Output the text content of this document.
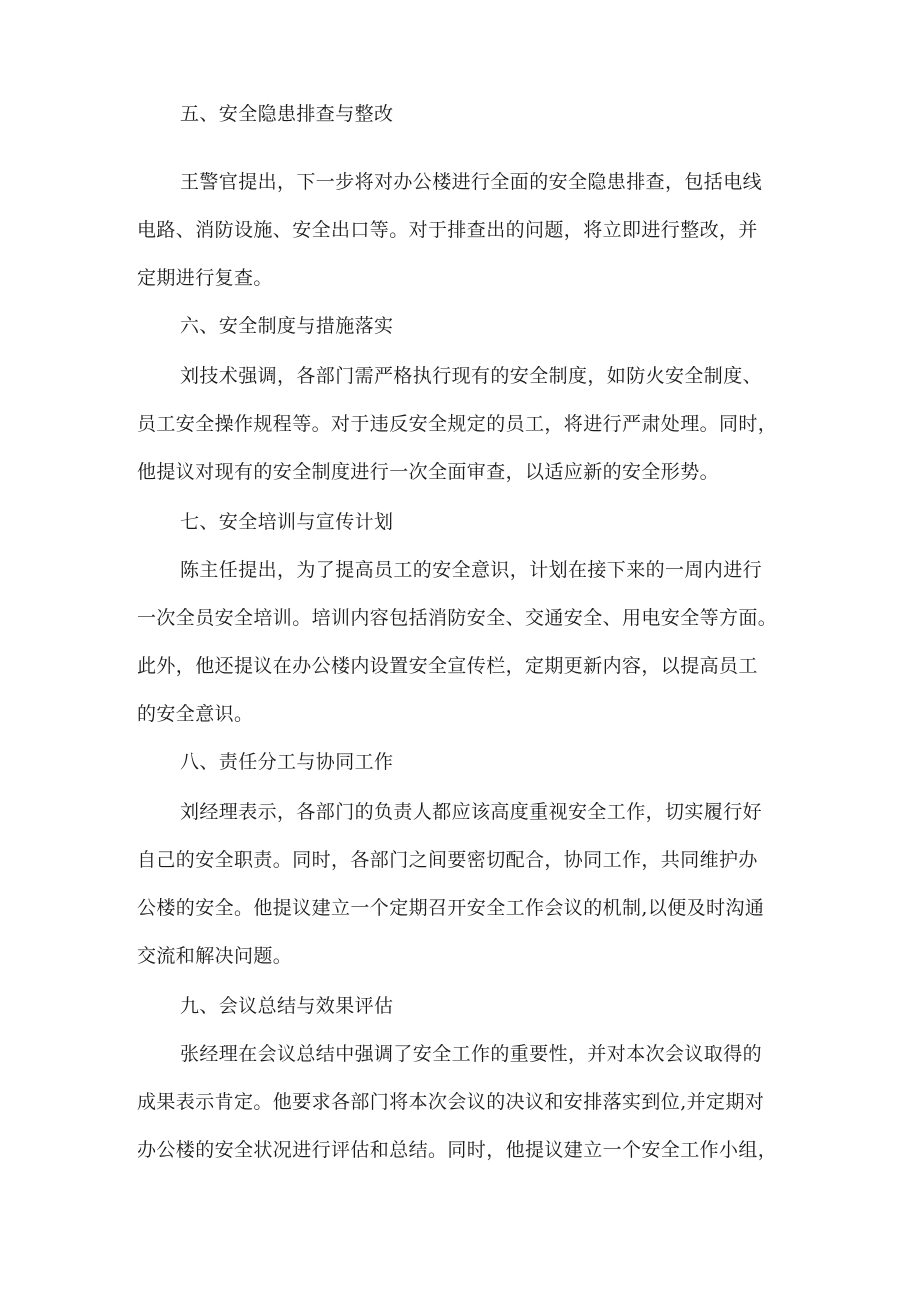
五、安全隐患排查与整改

王警官提出，下一步将对办公楼进行全面的安全隐患排查，包括电线

电路、消防设施、安全出口等。对于排查出的问题，将立即进行整改，并

定期进行复查。

六、安全制度与措施落实

刘技术强调，各部门需严格执行现有的安全制度，如防火安全制度、

员工安全操作规程等。对于违反安全规定的员工，将进行严肃处理。同时，

他提议对现有的安全制度进行一次全面审查，以适应新的安全形势。

七、安全培训与宣传计划

陈主任提出，为了提高员工的安全意识，计划在接下来的一周内进行

一次全员安全培训。培训内容包括消防安全、交通安全、用电安全等方面。

此外，他还提议在办公楼内设置安全宣传栏，定期更新内容，以提高员工

的安全意识。

八、责任分工与协同工作

刘经理表示，各部门的负责人都应该高度重视安全工作，切实履行好

自己的安全职责。同时，各部门之间要密切配合，协同工作，共同维护办

公楼的安全。他提议建立一个定期召开安全工作会议的机制,以便及时沟通

交流和解决问题。

九、会议总结与效果评估

张经理在会议总结中强调了安全工作的重要性，并对本次会议取得的

成果表示肯定。他要求各部门将本次会议的决议和安排落实到位,并定期对

办公楼的安全状况进行评估和总结。同时，他提议建立一个安全工作小组，
